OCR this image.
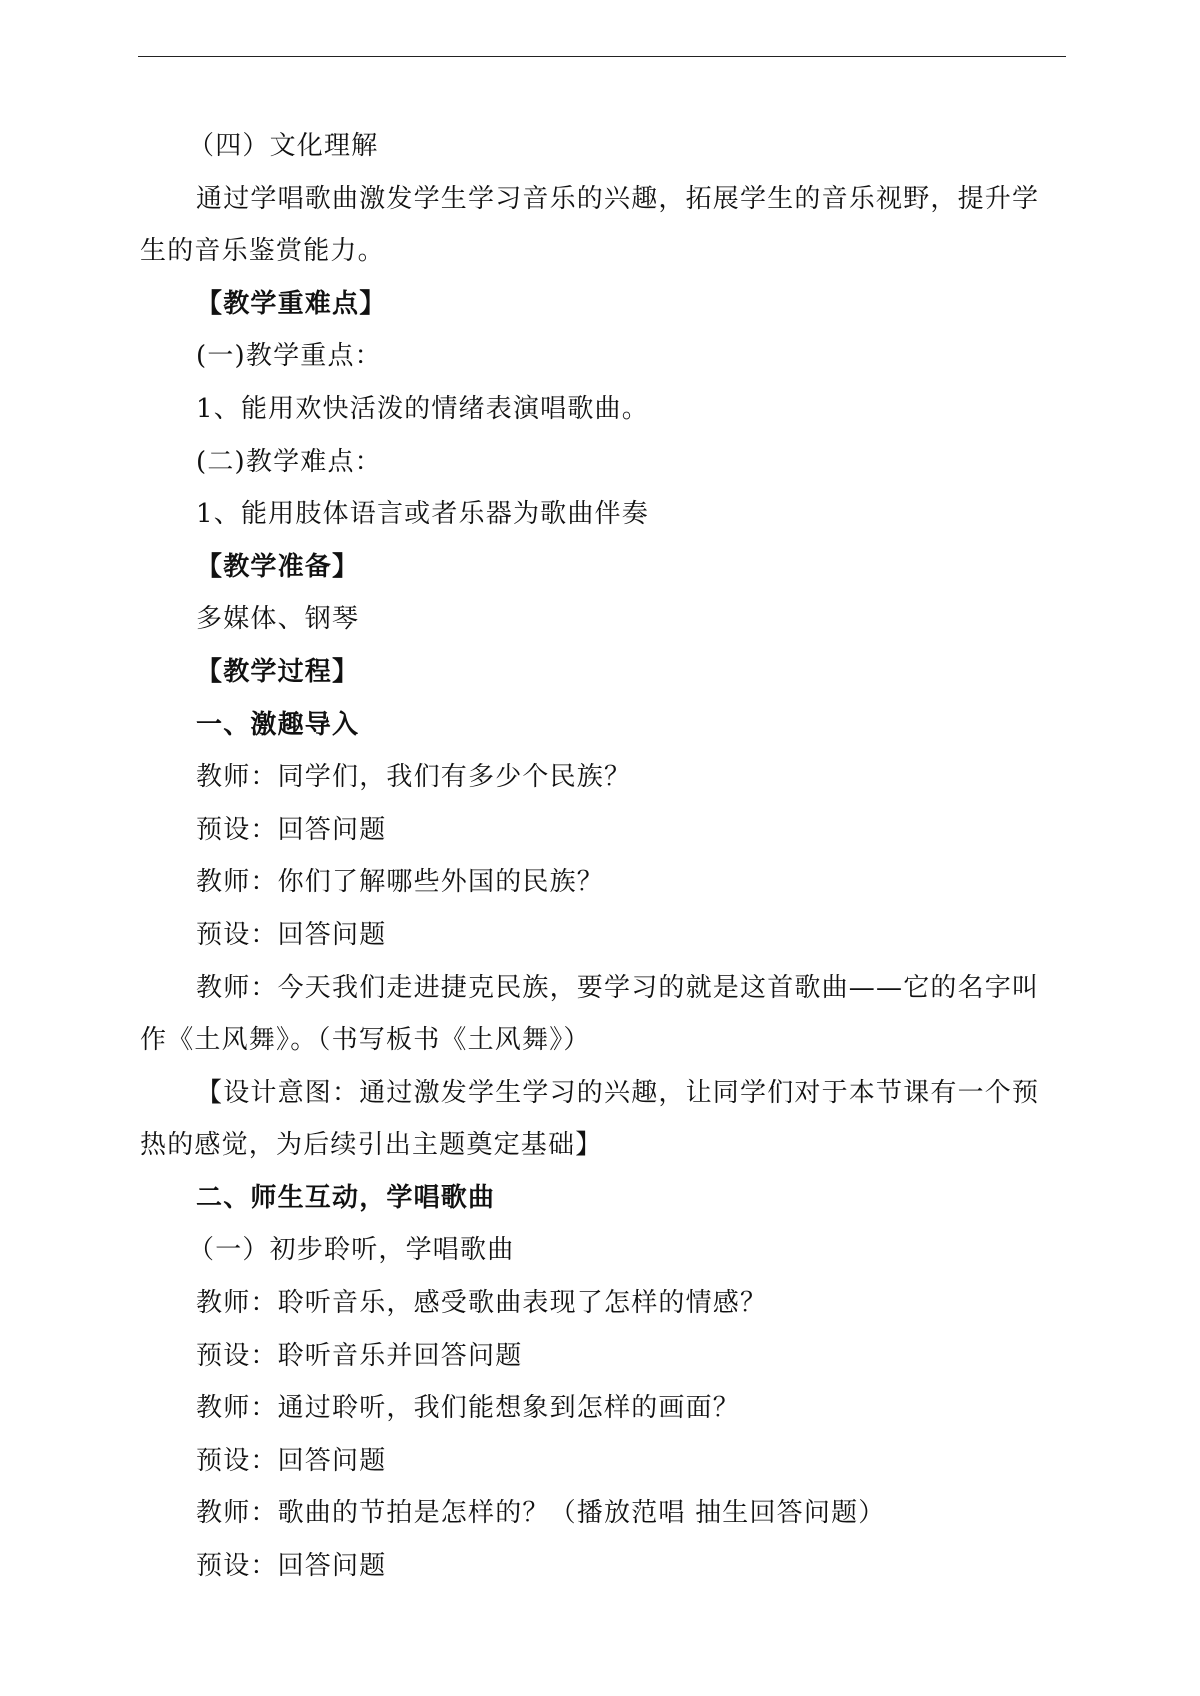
（四）文化理解

通过学唱歌曲激发学生学习音乐的兴趣，拓展学生的音乐视野，提升学

生的音乐鉴赏能力。

【教学重难点】

(一)教学重点：

1、能用欢快活泼的情绪表演唱歌曲。

(二)教学难点：

1、能用肢体语言或者乐器为歌曲伴奏

【教学准备】

多媒体、钢琴

【教学过程】

一、激趣导入

教师：同学们，我们有多少个民族？

预设：回答问题

教师：你们了解哪些外国的民族？

预设：回答问题

教师：今天我们走进捷克民族，要学习的就是这首歌曲——它的名字叫

作《土风舞》。（书写板书《土风舞》）

【设计意图：通过激发学生学习的兴趣，让同学们对于本节课有一个预

热的感觉，为后续引出主题奠定基础】

二、师生互动，学唱歌曲

（一）初步聆听，学唱歌曲

教师：聆听音乐，感受歌曲表现了怎样的情感？

预设：聆听音乐并回答问题

教师：通过聆听，我们能想象到怎样的画面？

预设：回答问题

教师：歌曲的节拍是怎样的？（播放范唱 抽生回答问题）

预设：回答问题
